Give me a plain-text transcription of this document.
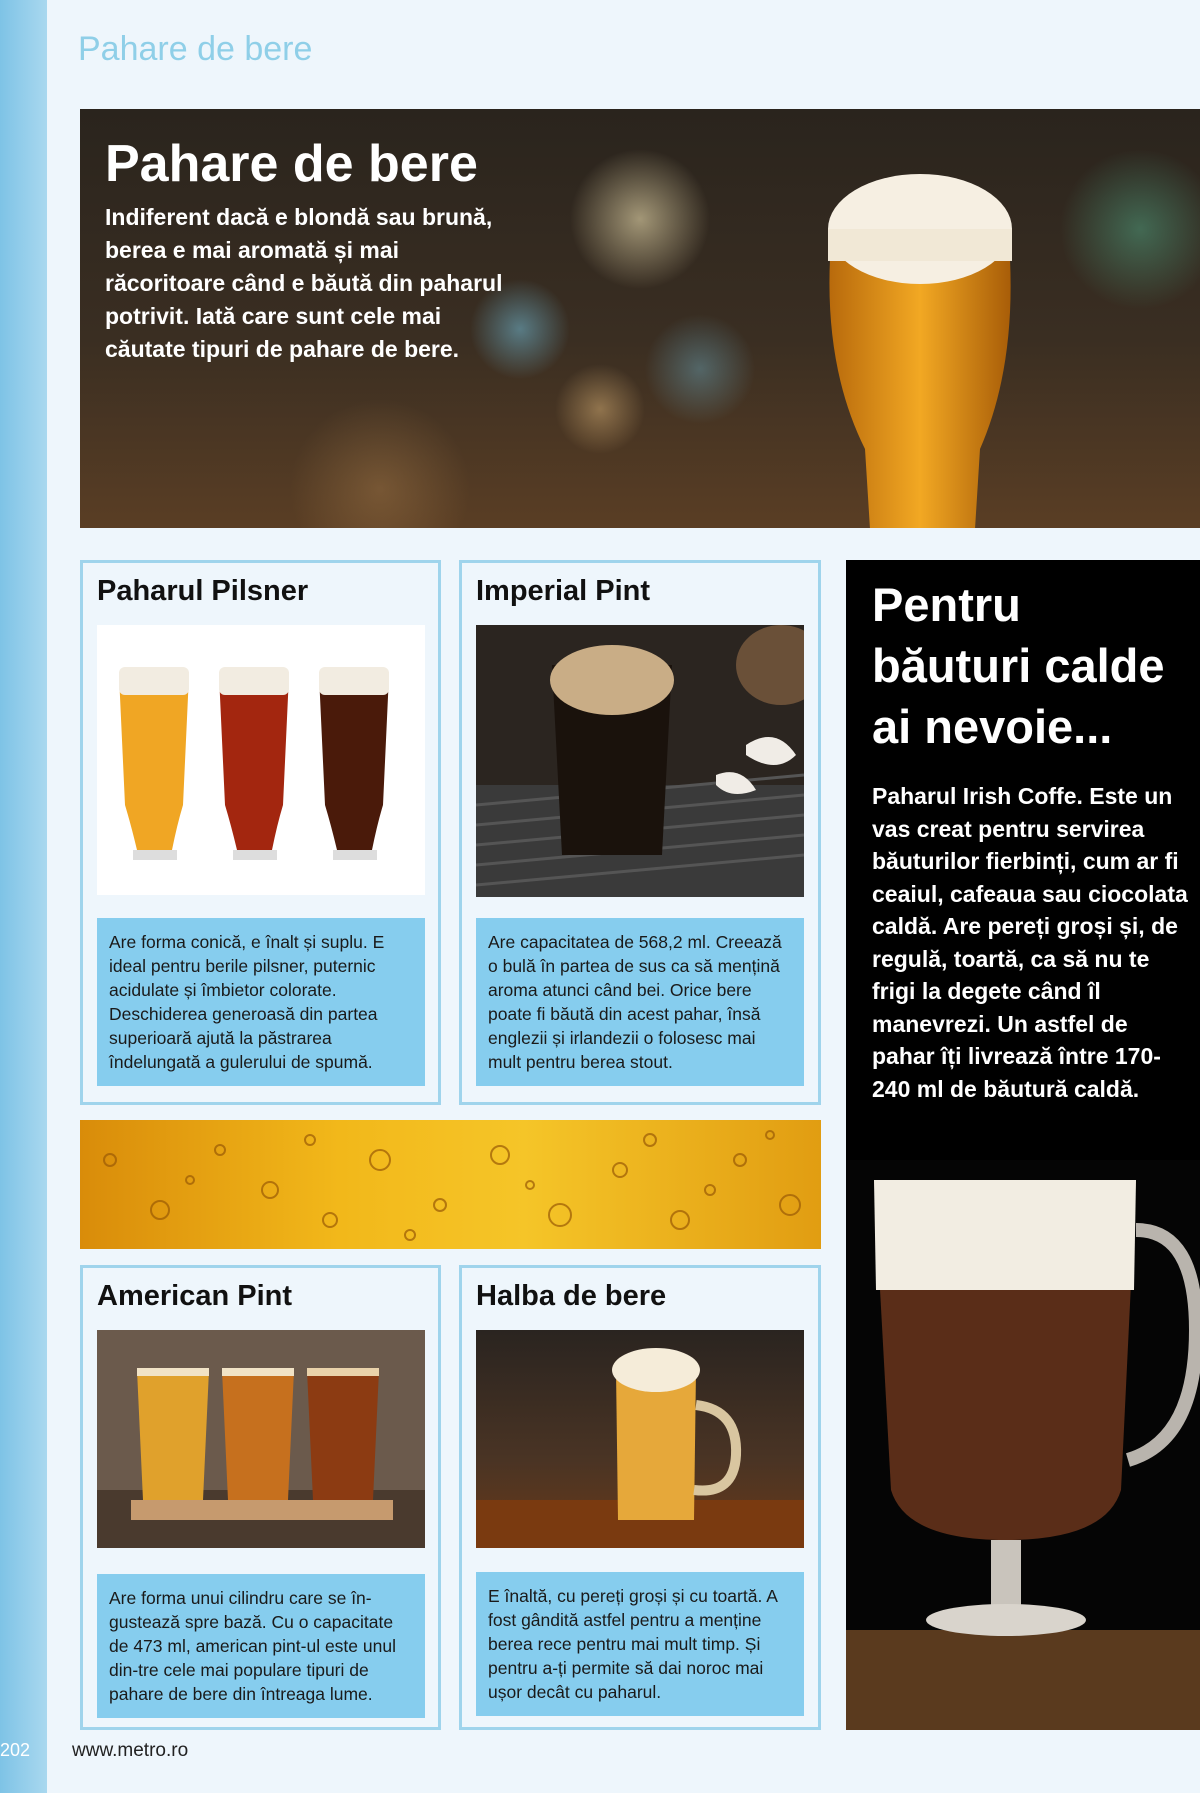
Pahare de bere
Pahare de bere
Indiferent dacă e blondă sau brună, berea e mai aromată și mai răcoritoare când e băută din paharul potrivit. Iată care sunt cele mai căutate tipuri de pahare de bere.
Paharul Pilsner
Are forma conică, e înalt și suplu. E ideal pentru berile pilsner, puternic acidulate și îmbietor colorate. Deschiderea generoasă din partea superioară ajută la păstrarea îndelungată a gulerului de spumă.
Imperial Pint
Are capacitatea de 568,2 ml. Creează o bulă în partea de sus ca să mențină aroma atunci când bei. Orice bere poate fi băută din acest pahar, însă englezii și irlandezii o folosesc mai mult pentru berea stout.
American Pint
Are forma unui cilindru care se în-gustează spre bază. Cu o capacitate de 473 ml, american pint-ul este unul din-tre cele mai populare tipuri de pahare de bere din întreaga lume.
Halba de bere
E înaltă, cu pereți groși și cu toartă. A fost gândită astfel pentru a menține berea rece pentru mai mult timp. Și pentru a-ți permite să dai noroc mai ușor decât cu paharul.
Pentru băuturi calde ai nevoie...
Paharul Irish Coffe. Este un vas creat pentru servirea băuturilor fierbinți, cum ar fi ceaiul, cafeaua sau ciocolata caldă. Are pereți groși și, de regulă, toartă, ca să nu te frigi la degete când îl manevrezi. Un astfel de pahar îți livrează între 170-240 ml de băutură caldă.
202 www.metro.ro
